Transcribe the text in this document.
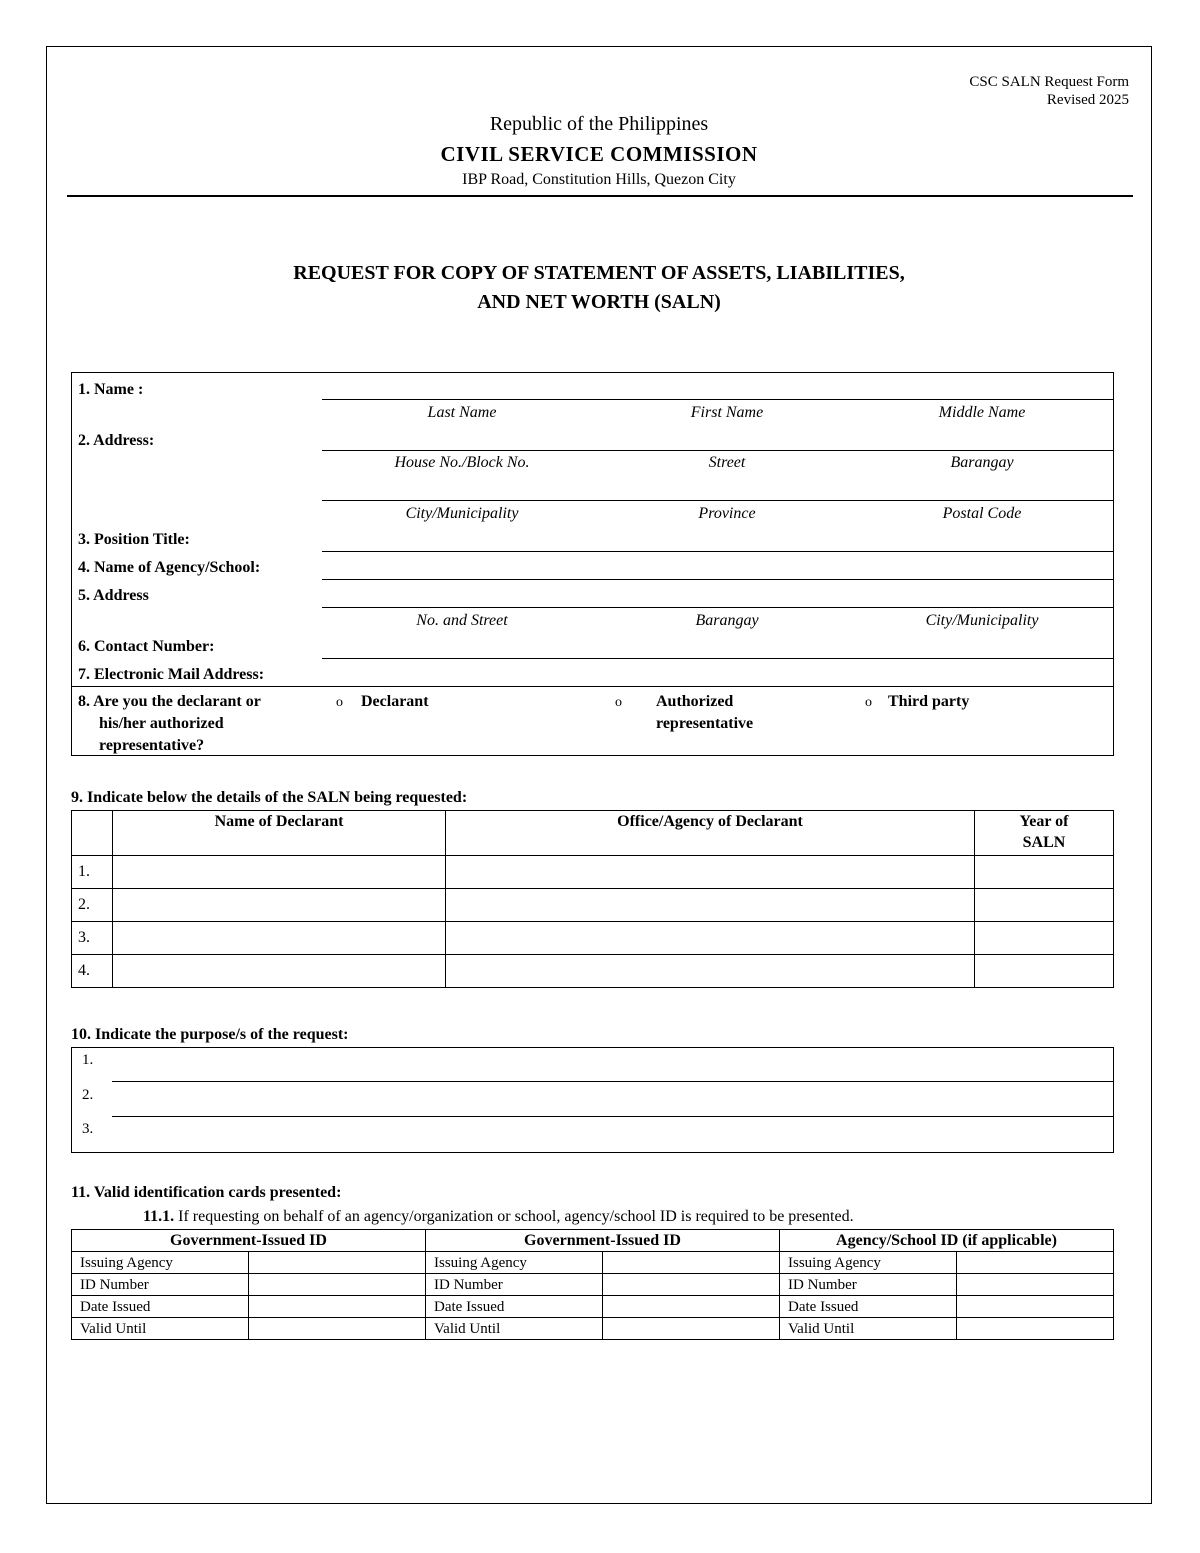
CSC SALN Request Form
Revised 2025
Republic of the Philippines
CIVIL SERVICE COMMISSION
IBP Road, Constitution Hills, Quezon City
REQUEST FOR COPY OF STATEMENT OF ASSETS, LIABILITIES,
AND NET WORTH (SALN)
1. Name :
Last Name	First Name	Middle Name
2. Address:
House No./Block No.	Street	Barangay
City/Municipality	Province	Postal Code
3. Position Title:
4. Name of Agency/School:
5. Address
No. and Street	Barangay	City/Municipality
6. Contact Number:
7. Electronic Mail Address:
8. Are you the declarant or
his/her authorized
representative?
o Declarant	o Authorized
representative
o Third party
9. Indicate below the details of the SALN being requested:
	Name of Declarant	Office/Agency of Declarant	Year of
SALN

1.			
2.			
3.			
4.			
10. Indicate the purpose/s of the request:
1.
2.
3.
11. Valid identification cards presented:
11.1. If requesting on behalf of an agency/organization or school, agency/school ID is required to be presented.
Government-Issued ID		Government-Issued ID		Agency/School ID (if applicable)	
Issuing Agency		Issuing Agency		Issuing Agency	
ID Number		ID Number		ID Number	
Date Issued		Date Issued		Date Issued	
Valid Until		Valid Until		Valid Until	
